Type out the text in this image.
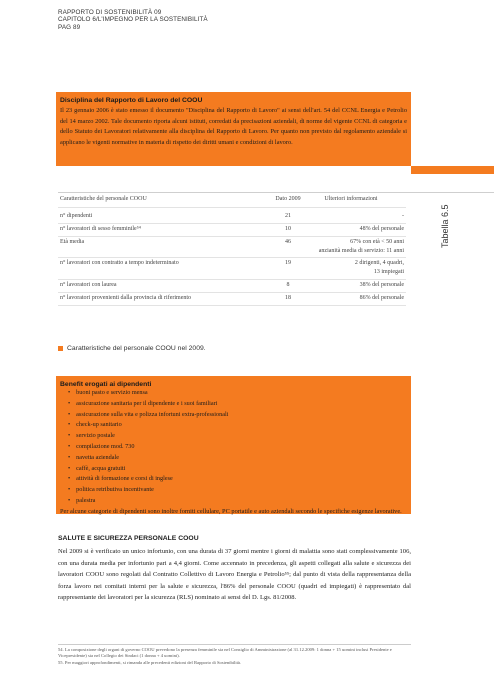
RAPPORTO DI SOSTENIBILITÀ 09
CAPITOLO 6/L'IMPEGNO PER LA SOSTENIBILITÀ
PAG 89
Disciplina del Rapporto di Lavoro del COOU
Il 23 gennaio 2006 è stato emesso il documento "Disciplina del Rapporto di Lavoro" ai sensi dell'art. 54 del CCNL Energia e Petrolio del 14 marzo 2002. Tale documento riporta alcuni istituti, corredati da precisazioni aziendali, di norme del vigente CCNL di categoria e dello Statuto dei Lavoratori relativamente alla disciplina del Rapporto di Lavoro. Per quanto non previsto dal regolamento aziendale si applicano le vigenti normative in materia di rispetto dei diritti umani e condizioni di lavoro.
Caratteristiche del personale COOU	Dato 2009	Ulteriori informazioni
n° dipendenti	21	-
n° lavoratori di sesso femminile⁵⁴	10	48% del personale
Età media	46	67% con età < 50 anni
anzianità media di servizio: 11 anni
n° lavoratori con contratto a tempo indeterminato	19	2 dirigenti, 4 quadri,
13 impiegati
n° lavoratori con laurea	8	38% del personale
n° lavoratori provenienti dalla provincia di riferimento	18	86% del personale
Tabella 6.5
Caratteristiche del personale COOU nel 2009.
Benefit erogati ai dipendenti
• buoni pasto e servizio mensa
• assicurazione sanitaria per il dipendente e i suoi familiari
• assicurazione sulla vita e polizza infortuni extra-professionali
• check-up sanitario
• servizio postale
• compilazione mod. 730
• navetta aziendale
• caffè, acqua gratuiti
• attività di formazione e corsi di inglese
• politica retributiva incentivante
• palestra
Per alcune categorie di dipendenti sono inoltre forniti cellulare, PC portatile e auto aziendali secondo le specifiche esigenze lavorative.
SALUTE E SICUREZZA PERSONALE COOU
Nel 2009 si è verificato un unico infortunio, con una durata di 37 giorni mentre i giorni di malattia sono stati complessivamente 106, con una durata media per infortunio pari a 4,4 giorni. Come accennato in precedenza, gli aspetti collegati alla salute e sicurezza dei lavoratori COOU sono regolati dal Contratto Collettivo di Lavoro Energia e Petrolio⁵⁵; dal punto di vista della rappresentanza della forza lavoro nei comitati interni per la salute e sicurezza, l'86% del personale COOU (quadri ed impiegati) è rappresentato dal rappresentante dei lavoratori per la sicurezza (RLS) nominato ai sensi del D. Lgs. 81/2008.
54. La composizione degli organi di governo COOU prevedono la presenza femminile sia nel Consiglio di Amministrazione (al 31.12.2009: 1 donna + 15 uomini inclusi Presidente e Vicepresidente) sia nel Collegio dei Sindaci (1 donna + 4 uomini).
55. Per maggiori approfondimenti, si rimanda alle precedenti edizioni del Rapporto di Sostenibilità.
